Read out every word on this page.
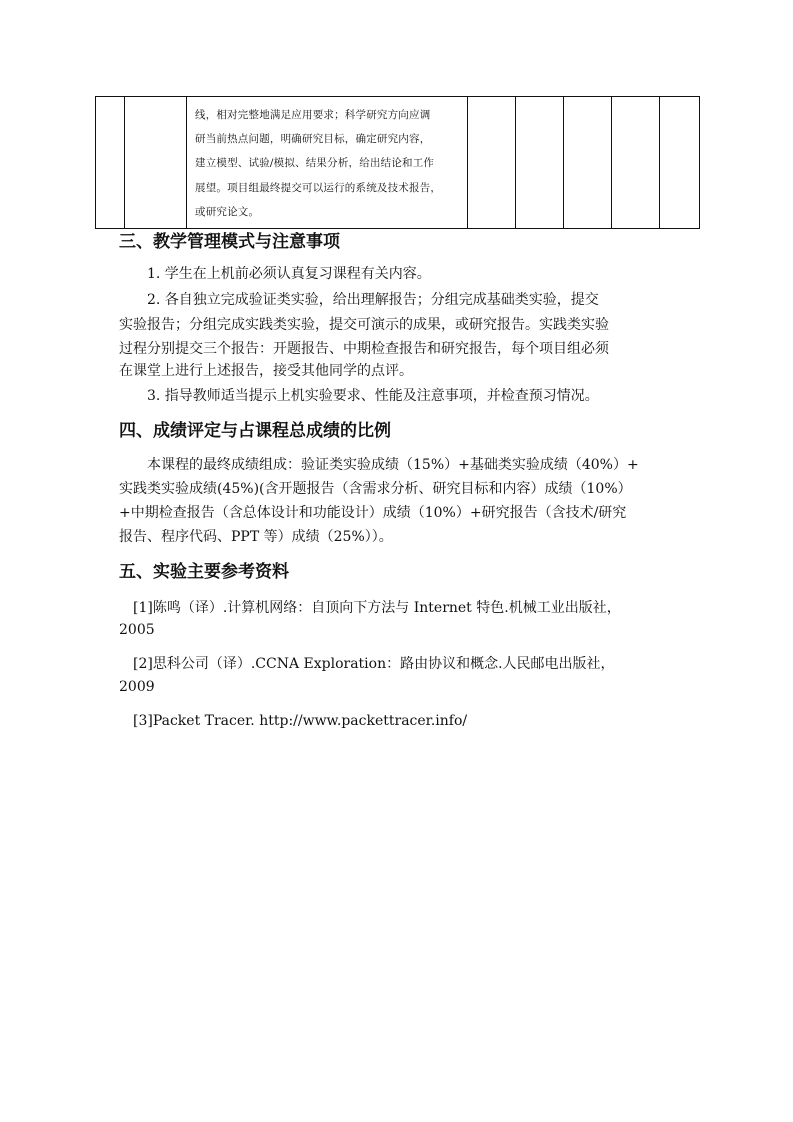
线，相对完整地满足应用要求；科学研究方向应调
研当前热点问题，明确研究目标，确定研究内容，
建立模型、试验/模拟、结果分析，给出结论和工作
展望。项目组最终提交可以运行的系统及技术报告，
或研究论文。

三、教学管理模式与注意事项
1. 学生在上机前必须认真复习课程有关内容。
2. 各自独立完成验证类实验，给出理解报告；分组完成基础类实验，提交
实验报告；分组完成实践类实验，提交可演示的成果，或研究报告。实践类实验
过程分别提交三个报告：开题报告、中期检查报告和研究报告，每个项目组必须
在课堂上进行上述报告，接受其他同学的点评。
3. 指导教师适当提示上机实验要求、性能及注意事项，并检查预习情况。
四、成绩评定与占课程总成绩的比例
本课程的最终成绩组成：验证类实验成绩（15%）+基础类实验成绩（40%）+
实践类实验成绩(45%)(含开题报告（含需求分析、研究目标和内容）成绩（10%）
+中期检查报告（含总体设计和功能设计）成绩（10%）+研究报告（含技术/研究
报告、程序代码、PPT 等）成绩（25%））。
五、实验主要参考资料
[1]陈鸣（译）.计算机网络：自顶向下方法与 Internet 特色.机械工业出版社，
2005
[2]思科公司（译）.CCNA Exploration：路由协议和概念.人民邮电出版社，
2009
[3]Packet Tracer. http://www.packettracer.info/
